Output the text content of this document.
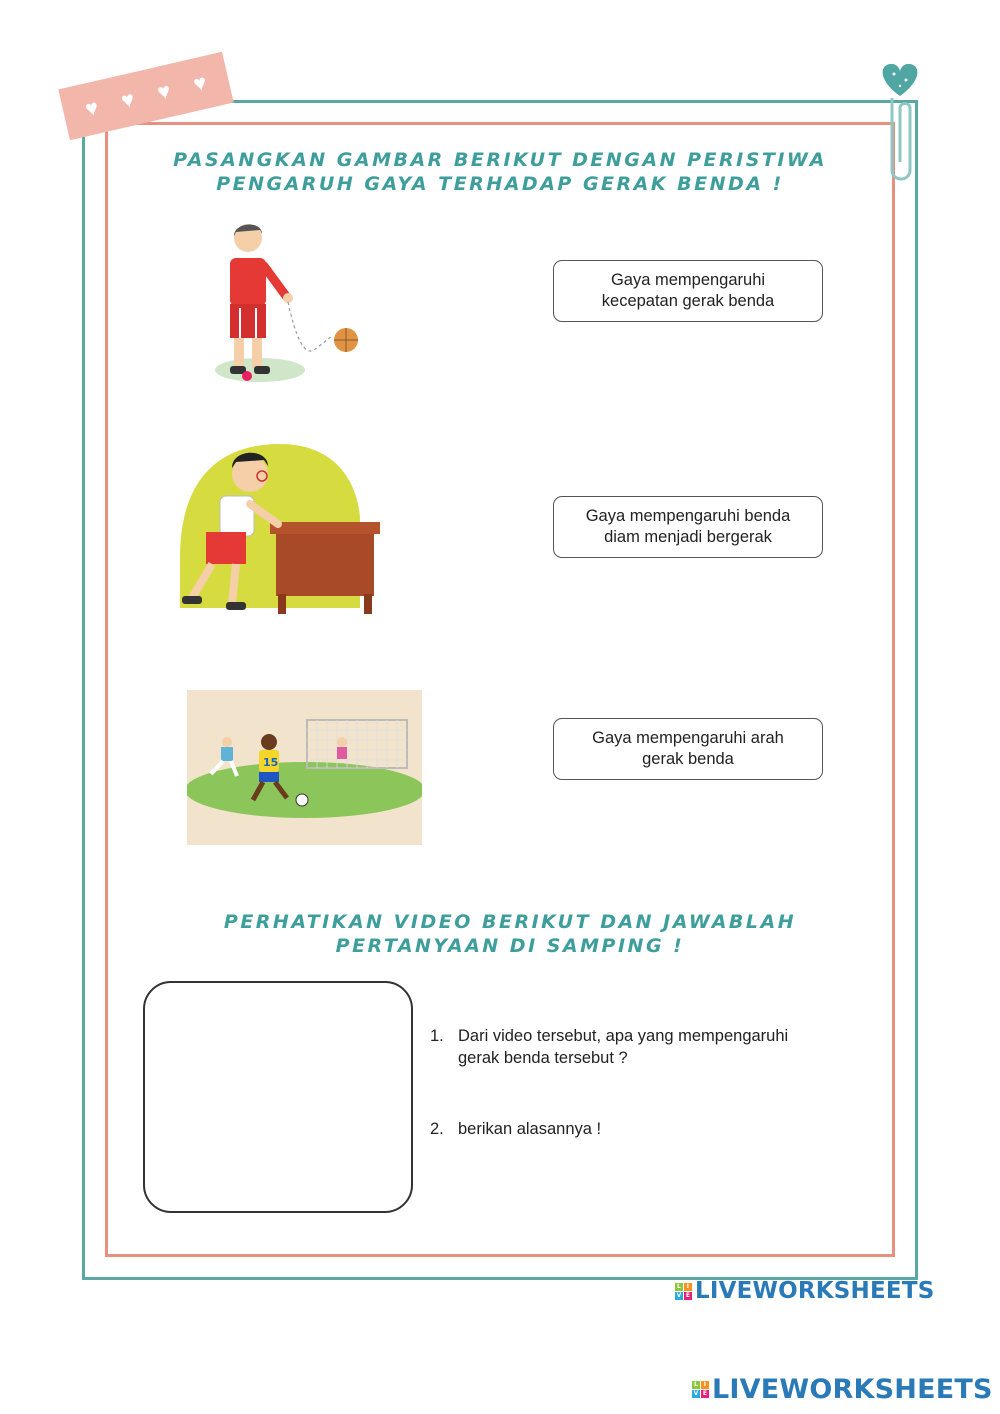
♥ ♥ ♥ ♥
PASANGKAN GAMBAR BERIKUT DENGAN PERISTIWA PENGARUH GAYA TERHADAP GERAK BENDA !
15
Gaya mempengaruhi
kecepatan gerak benda
Gaya mempengaruhi benda
diam menjadi bergerak
Gaya mempengaruhi arah
gerak benda
PERHATIKAN VIDEO BERIKUT DAN JAWABLAH PERTANYAAN DI SAMPING !
1. Dari video tersebut, apa yang mempengaruhi
gerak benda tersebut ?
2. berikan alasannya !
L I
V E LIVEWORKSHEETS
L I
V E LIVEWORKSHEETS
